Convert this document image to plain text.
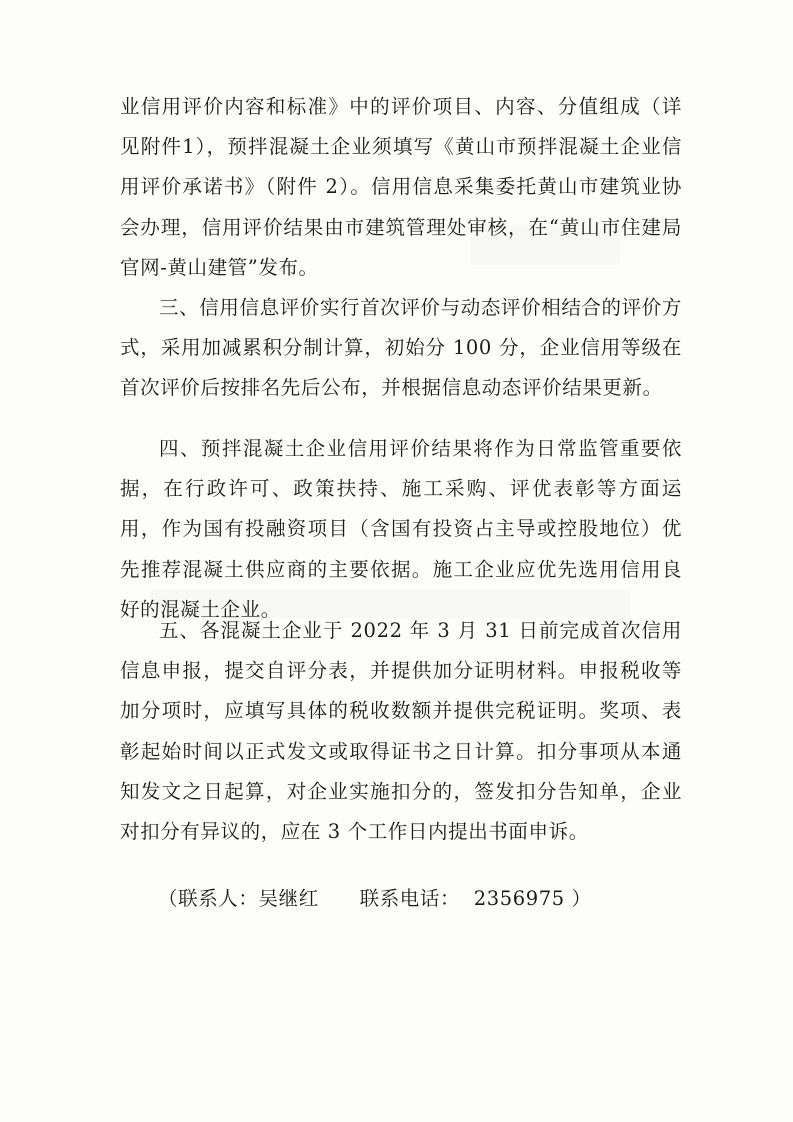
业信用评价内容和标准》中的评价项目、内容、分值组成（详见附件1），预拌混凝土企业须填写《黄山市预拌混凝土企业信用评价承诺书》（附件 2）。信用信息采集委托黄山市建筑业协会办理，信用评价结果由市建筑管理处审核，在“黄山市住建局官网-黄山建管”发布。

三、信用信息评价实行首次评价与动态评价相结合的评价方式，采用加减累积分制计算，初始分 100 分，企业信用等级在首次评价后按排名先后公布，并根据信息动态评价结果更新。

四、预拌混凝土企业信用评价结果将作为日常监管重要依据，在行政许可、政策扶持、施工采购、评优表彰等方面运用，作为国有投融资项目（含国有投资占主导或控股地位）优先推荐混凝土供应商的主要依据。施工企业应优先选用信用良好的混凝土企业。

五、各混凝土企业于 2022 年 3 月 31 日前完成首次信用信息申报，提交自评分表，并提供加分证明材料。申报税收等加分项时，应填写具体的税收数额并提供完税证明。奖项、表彰起始时间以正式发文或取得证书之日计算。扣分事项从本通知发文之日起算，对企业实施扣分的，签发扣分告知单，企业对扣分有异议的，应在 3 个工作日内提出书面申诉。

（联系人：吴继红      联系电话：  2356975 ）
